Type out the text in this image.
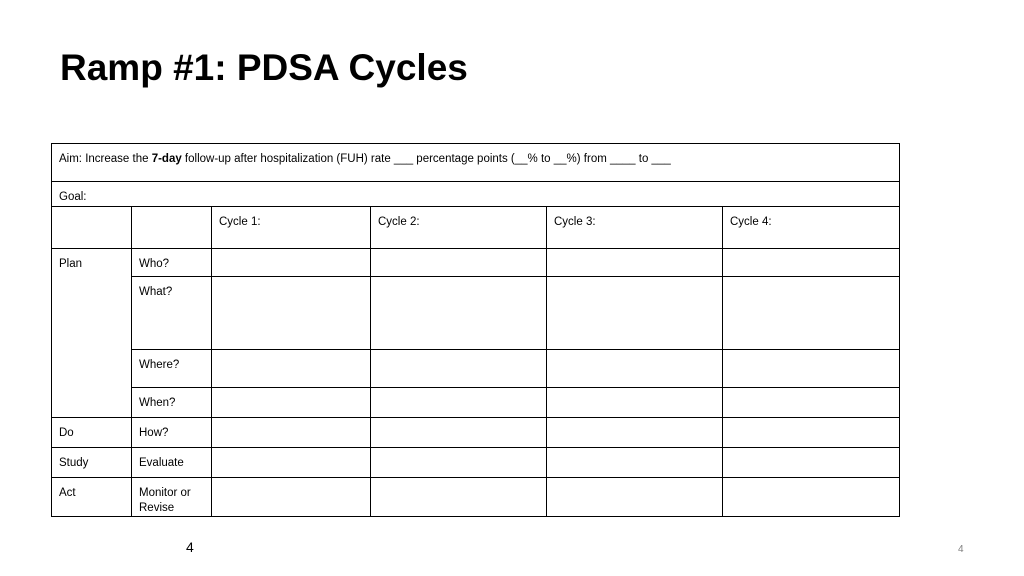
Ramp #1: PDSA Cycles
Aim: Increase the 7-day follow-up after hospitalization (FUH) rate ___ percentage points (__% to __%) from ____ to ___					
Goal:					
		Cycle 1:	Cycle 2:	Cycle 3:	Cycle 4:
Plan	Who?				
	What?				
	Where?				
	When?				
Do	How?				
Study	Evaluate				
Act	Monitor or Revise				
4	4
